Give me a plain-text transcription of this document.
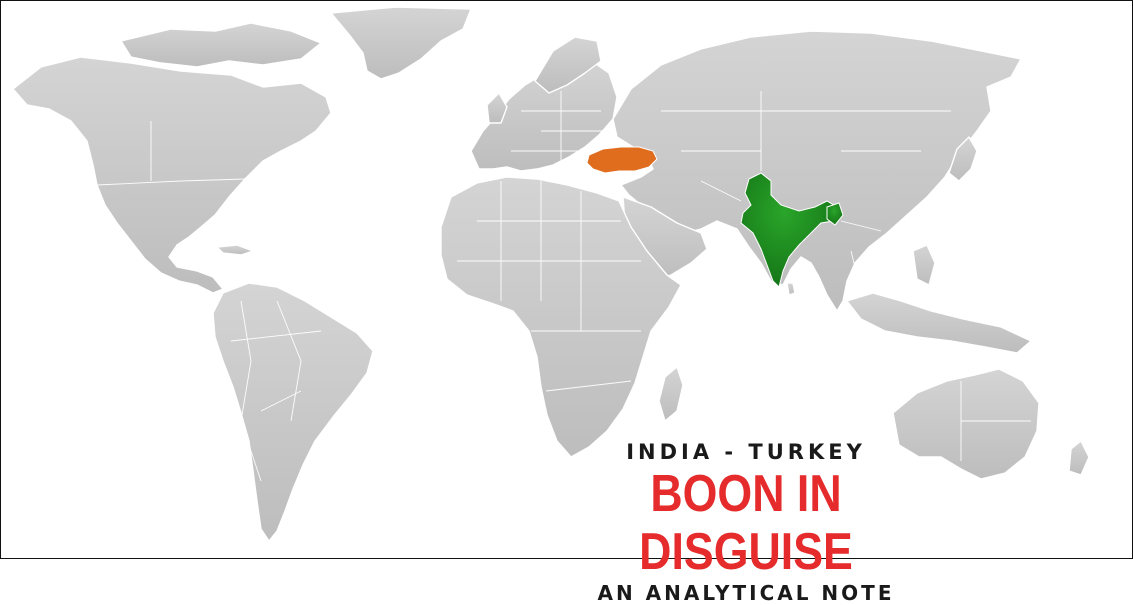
INDIA - TURKEY

BOON IN DISGUISE

AN ANALYTICAL NOTE
